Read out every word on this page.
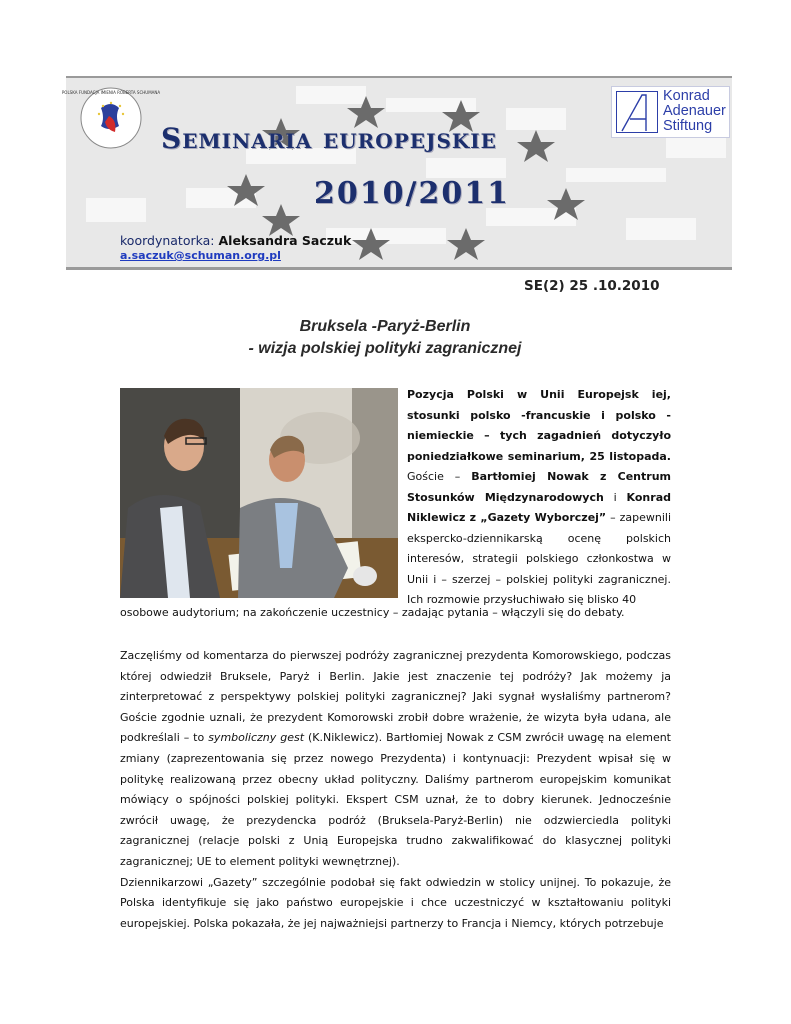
POLSKA FUNDACJA IMIENIA ROBERTA SCHUMANA
Seminaria europejskie
2010/2011
Konrad
Adenauer
Stiftung
koordynatorka: Aleksandra Saczuk
a.saczuk@schuman.org.pl
SE(2) 25 .10.2010
Bruksela -Paryż-Berlin
- wizja polskiej polityki zagranicznej
Pozycja Polski w Unii Europejsk iej, stosunki polsko -francuskie i polsko - niemieckie – tych zagadnień dotyczyło poniedziałkowe seminarium, 25 listopada. Goście – Bartłomiej Nowak z Centrum Stosunków Międzynarodowych i Konrad Niklewicz z „Gazety Wyborczej” – zapewnili ekspercko-dziennikarską ocenę polskich interesów, strategii polskiego członkostwa w Unii i – szerzej – polskiej polityki zagranicznej. Ich rozmowie przysłuchiwało się blisko 40
osobowe audytorium; na zakończenie uczestnicy – zadając pytania – włączyli się do debaty.

Zaczęliśmy od komentarza do pierwszej podróży zagranicznej prezydenta Komorowskiego, podczas której odwiedził Bruksele, Paryż i Berlin. Jakie jest znaczenie tej podróży? Jak możemy ja zinterpretować z perspektywy polskiej polityki zagranicznej? Jaki sygnał wysłaliśmy partnerom? Goście zgodnie uznali, że prezydent Komorowski zrobił dobre wrażenie, że wizyta była udana, ale podkreślali – to symboliczny gest (K.Niklewicz). Bartłomiej Nowak z CSM zwrócił uwagę na element zmiany (zaprezentowania się przez nowego Prezydenta) i kontynuacji: Prezydent wpisał się w politykę realizowaną przez obecny układ polityczny. Daliśmy partnerom europejskim komunikat mówiący o spójności polskiej polityki. Ekspert CSM uznał, że to dobry kierunek. Jednocześnie zwrócił uwagę, że prezydencka podróż (Bruksela-Paryż-Berlin) nie odzwierciedla polityki zagranicznej (relacje polski z Unią Europejska trudno zakwalifikować do klasycznej polityki zagranicznej; UE to element polityki wewnętrznej).

Dziennikarzowi „Gazety” szczególnie podobał się fakt odwiedzin w stolicy unijnej. To pokazuje, że Polska identyfikuje się jako państwo europejskie i chce uczestniczyć w kształtowaniu polityki europejskiej. Polska pokazała, że jej najważniejsi partnerzy to Francja i Niemcy, których potrzebuje
